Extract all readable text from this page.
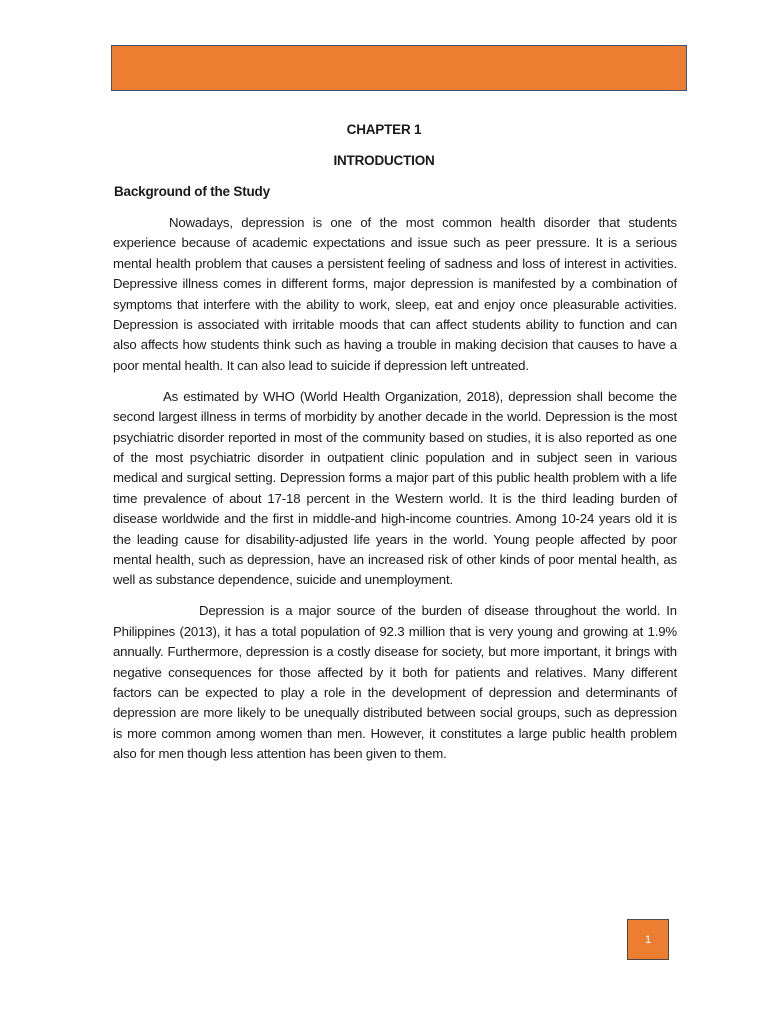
CHAPTER 1
INTRODUCTION
Background of the Study

Nowadays, depression is one of the most common health disorder that students experience because of academic expectations and issue such as peer pressure. It is a serious mental health problem that causes a persistent feeling of sadness and loss of interest in activities. Depressive illness comes in different forms, major depression is manifested by a combination of symptoms that interfere with the ability to work, sleep, eat and enjoy once pleasurable activities. Depression is associated with irritable moods that can affect students ability to function and can also affects how students think such as having a trouble in making decision that causes to have a poor mental health. It can also lead to suicide if depression left untreated.

As estimated by WHO (World Health Organization, 2018), depression shall become the second largest illness in terms of morbidity by another decade in the world. Depression is the most psychiatric disorder reported in most of the community based on studies, it is also reported as one of the most psychiatric disorder in outpatient clinic population and in subject seen in various medical and surgical setting. Depression forms a major part of this public health problem with a life time prevalence of about 17-18 percent in the Western world. It is the third leading burden of disease worldwide and the first in middle-and high-income countries. Among 10-24 years old it is the leading cause for disability-adjusted life years in the world. Young people affected by poor mental health, such as depression, have an increased risk of other kinds of poor mental health, as well as substance dependence, suicide and unemployment.

Depression is a major source of the burden of disease throughout the world. In Philippines (2013), it has a total population of 92.3 million that is very young and growing at 1.9% annually. Furthermore, depression is a costly disease for society, but more important, it brings with negative consequences for those affected by it both for patients and relatives. Many different factors can be expected to play a role in the development of depression and determinants of depression are more likely to be unequally distributed between social groups, such as depression is more common among women than men. However, it constitutes a large public health problem also for men though less attention has been given to them.

1
